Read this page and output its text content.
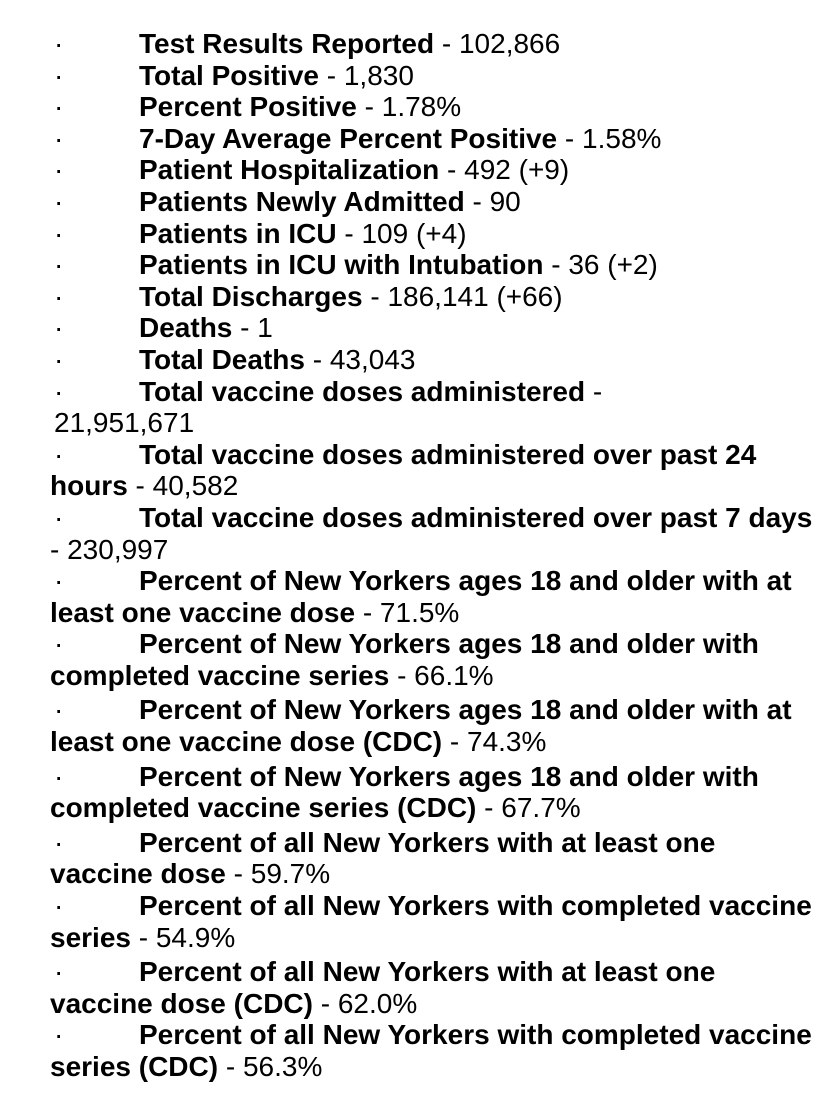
·	Test Results Reported - 102,866
·	Total Positive - 1,830
·	Percent Positive - 1.78%
·	7-Day Average Percent Positive - 1.58%
·	Patient Hospitalization - 492 (+9)
·	Patients Newly Admitted - 90
·	Patients in ICU - 109 (+4)
·	Patients in ICU with Intubation - 36 (+2)
·	Total Discharges - 186,141 (+66)
·	Deaths - 1
·	Total Deaths - 43,043
·	Total vaccine doses administered -
21,951,671
·	Total vaccine doses administered over past 24 hours - 40,582
·	Total vaccine doses administered over past 7 days - 230,997
·	Percent of New Yorkers ages 18 and older with at least one vaccine dose - 71.5%
·	Percent of New Yorkers ages 18 and older with completed vaccine series - 66.1%
·	Percent of New Yorkers ages 18 and older with at least one vaccine dose (CDC) - 74.3%
·	Percent of New Yorkers ages 18 and older with completed vaccine series (CDC) - 67.7%
·	Percent of all New Yorkers with at least one vaccine dose - 59.7%
·	Percent of all New Yorkers with completed vaccine series - 54.9%
·	Percent of all New Yorkers with at least one vaccine dose (CDC) - 62.0%
·	Percent of all New Yorkers with completed vaccine series (CDC) - 56.3%
